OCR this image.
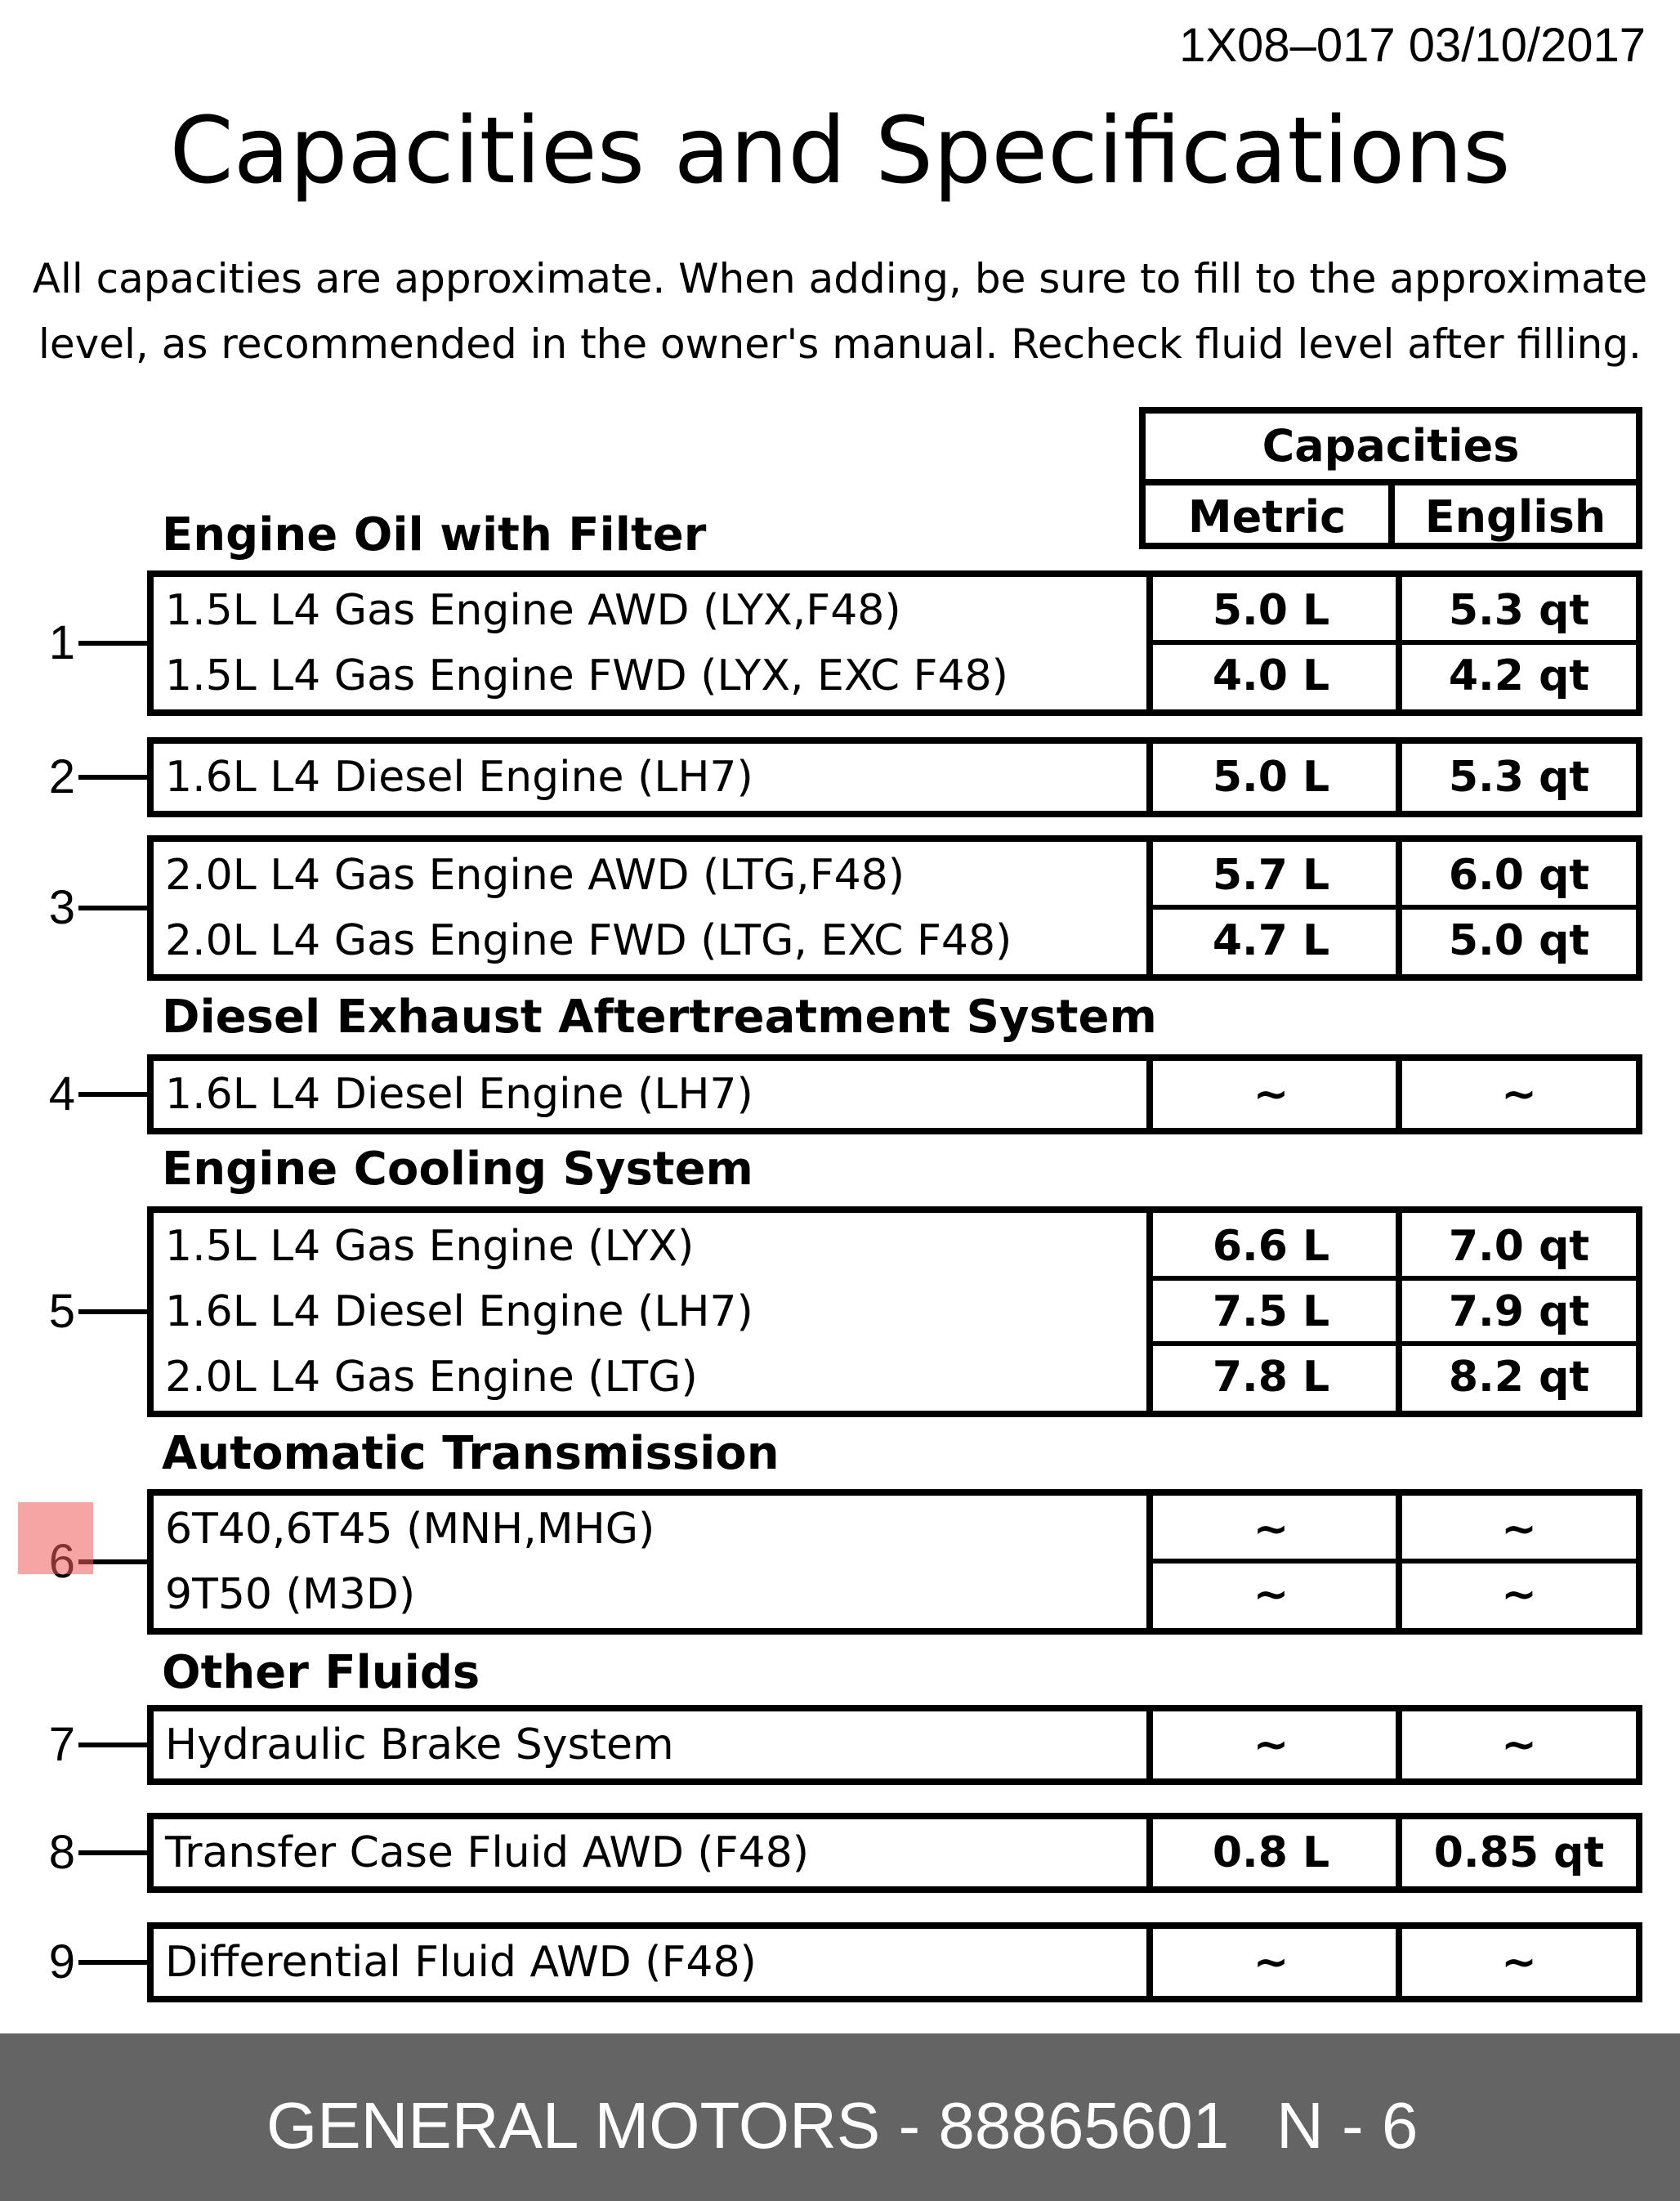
1X08–017 03/10/2017
Capacities and Specifications
All capacities are approximate. When adding, be sure to fill to the approximate
level, as recommended in the owner's manual. Recheck fluid level after filling.
Capacities
Metric	English
Engine Oil with Filter
Diesel Exhaust Aftertreatment System
Engine Cooling System
Automatic Transmission
Other Fluids
1.5L L4 Gas Engine AWD (LYX,F48)	5.0 L	5.3 qt
1.5L L4 Gas Engine FWD (LYX, EXC F48)	4.0 L	4.2 qt
1
1.6L L4 Diesel Engine (LH7)	5.0 L	5.3 qt
2
2.0L L4 Gas Engine AWD (LTG,F48)	5.7 L	6.0 qt
2.0L L4 Gas Engine FWD (LTG, EXC F48)	4.7 L	5.0 qt
3
1.6L L4 Diesel Engine (LH7)	~	~
4
1.5L L4 Gas Engine (LYX)	6.6 L	7.0 qt
1.6L L4 Diesel Engine (LH7)	7.5 L	7.9 qt
2.0L L4 Gas Engine (LTG)	7.8 L	8.2 qt
5
6T40,6T45 (MNH,MHG)	~	~
9T50 (M3D)	~	~
Hydraulic Brake System	~	~
7
Transfer Case Fluid AWD (F48)	0.8 L	0.85 qt
8
Differential Fluid AWD (F48)	~	~
9
GENERAL MOTORS - 88865601 N - 6
